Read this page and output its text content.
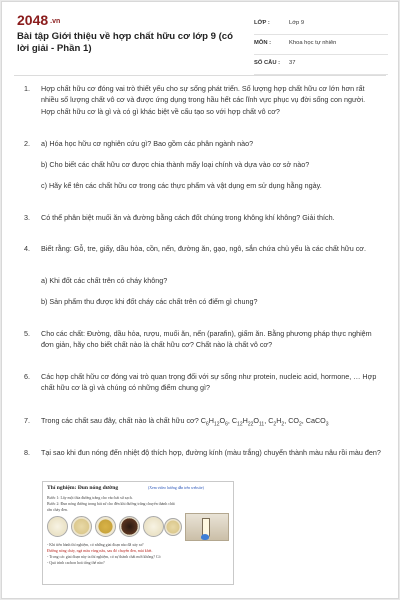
2048 .vn
Bài tập Giới thiệu về hợp chất hữu cơ lớp 9 (có lời giải - Phần 1)
LỚP :	Lớp 9
MÔN :	Khoa học tự nhiên
SỐ CÂU : 37
1. Hợp chất hữu cơ đóng vai trò thiết yếu cho sự sống phát triển. Số lượng hợp chất hữu cơ lớn hơn rất nhiều số lượng chất vô cơ và được ứng dụng trong hầu hết các lĩnh vực phục vụ đời sống con người. Hợp chất hữu cơ là gì và có gì khác biệt về cấu tạo so với hợp chất vô cơ?
2. a) Hóa học hữu cơ nghiên cứu gì? Bao gồm các phân ngành nào?
b) Cho biết các chất hữu cơ được chia thành mấy loại chính và dựa vào cơ sở nào?
c) Hãy kể tên các chất hữu cơ trong các thực phẩm và vật dụng em sử dụng hằng ngày.
3. Có thể phân biệt muối ăn và đường bằng cách đốt chúng trong không khí không? Giải thích.
4. Biết rằng: Gỗ, tre, giấy, dầu hỏa, cồn, nến, đường ăn, gạo, ngô, sắn chứa chủ yếu là các chất hữu cơ.
a) Khi đốt các chất trên có cháy không?
b) Sản phẩm thu được khi đốt cháy các chất trên có điểm gì chung?
5. Cho các chất: Đường, dầu hỏa, rượu, muối ăn, nến (parafin), giấm ăn. Bằng phương pháp thực nghiệm đơn giản, hãy cho biết chất nào là chất hữu cơ? Chất nào là chất vô cơ?
6. Các hợp chất hữu cơ đóng vai trò quan trọng đối với sự sống như protein, nucleic acid, hormone, … Hợp chất hữu cơ là gì và chúng có những điểm chung gì?
7. Trong các chất sau đây, chất nào là chất hữu cơ? $C_6H_{12}O_6$, $C_{12}H_{22}O_{11}$, $C_2H_2$, $CO_2$, CaCO$_3$
8. Tại sao khi đun nóng đến nhiệt độ thích hợp, đường kính (màu trắng) chuyển thành màu nâu rồi màu đen?
Thí nghiệm: Đun nóng đường	(Xem video hướng dẫn trên website)
Bước 1: Lấy một thìa đường trắng cho vào bát sứ sạch.
Bước 2: Đun nóng đường trong bát sứ cho đến khi đường trắng chuyển thành chất
rắn chảy đen.
- Khi tiến hành thí nghiệm, có những giai đoạn nào đã xảy ra?
Đường nóng chảy, ngả màu vàng nâu, sau đó chuyển đen, mùi khét.
- Trong các giai đoạn này ta thí nghiệm, có sự thành chất mới không? Có
- Quá trình cacbon hoá tổng thể nào?
